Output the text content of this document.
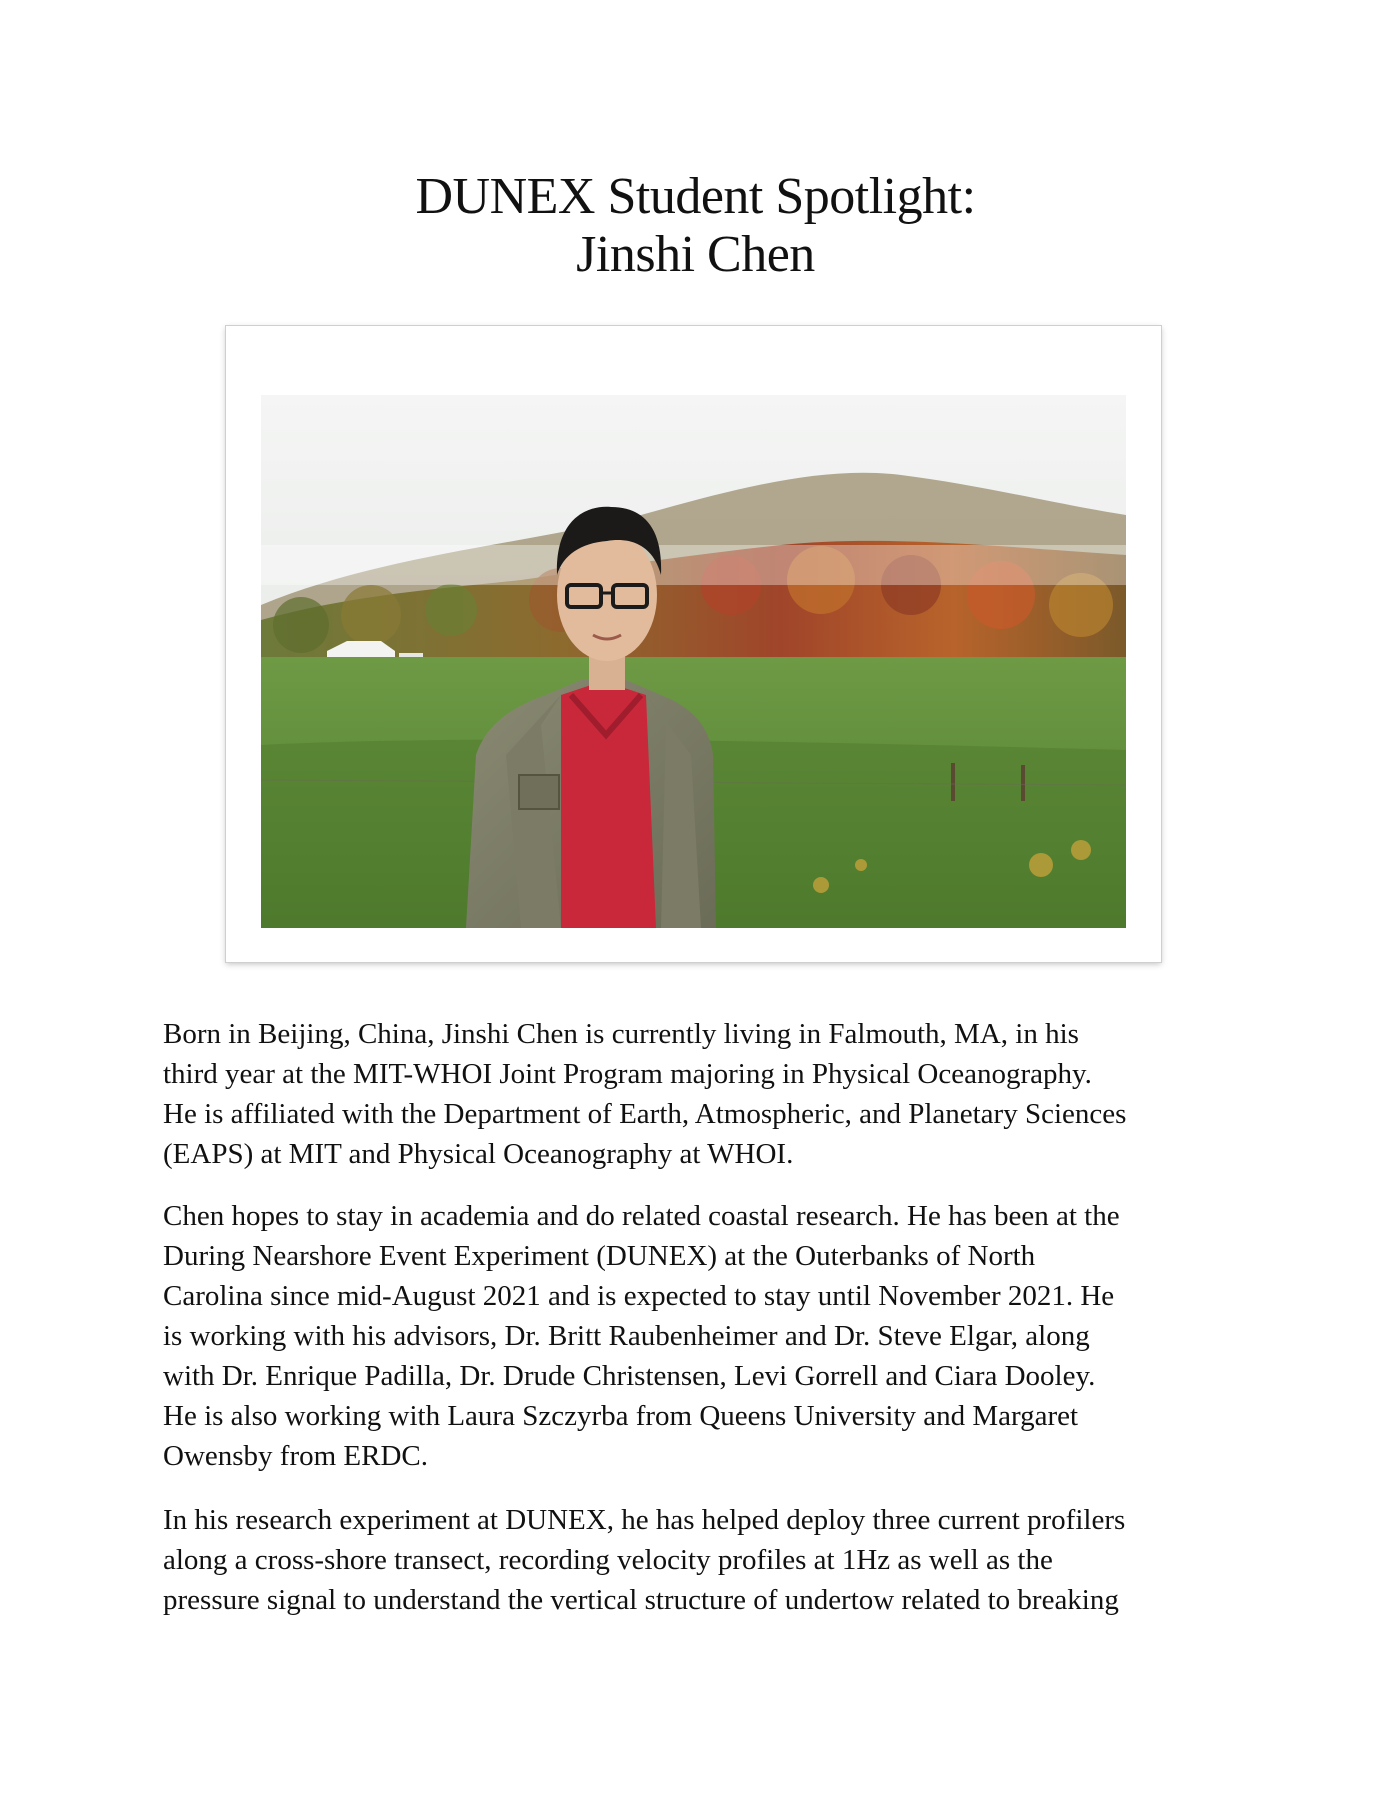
DUNEX Student Spotlight:
Jinshi Chen
Born in Beijing, China, Jinshi Chen is currently living in Falmouth, MA, in his
third year at the MIT-WHOI Joint Program majoring in Physical Oceanography.
He is affiliated with the Department of Earth, Atmospheric, and Planetary Sciences
(EAPS) at MIT and Physical Oceanography at WHOI.
Chen hopes to stay in academia and do related coastal research. He has been at the
During Nearshore Event Experiment (DUNEX) at the Outerbanks of North
Carolina since mid-August 2021 and is expected to stay until November 2021. He
is working with his advisors, Dr. Britt Raubenheimer and Dr. Steve Elgar, along
with Dr. Enrique Padilla, Dr. Drude Christensen, Levi Gorrell and Ciara Dooley.
He is also working with Laura Szczyrba from Queens University and Margaret
Owensby from ERDC.
In his research experiment at DUNEX, he has helped deploy three current profilers
along a cross-shore transect, recording velocity profiles at 1Hz as well as the
pressure signal to understand the vertical structure of undertow related to breaking
